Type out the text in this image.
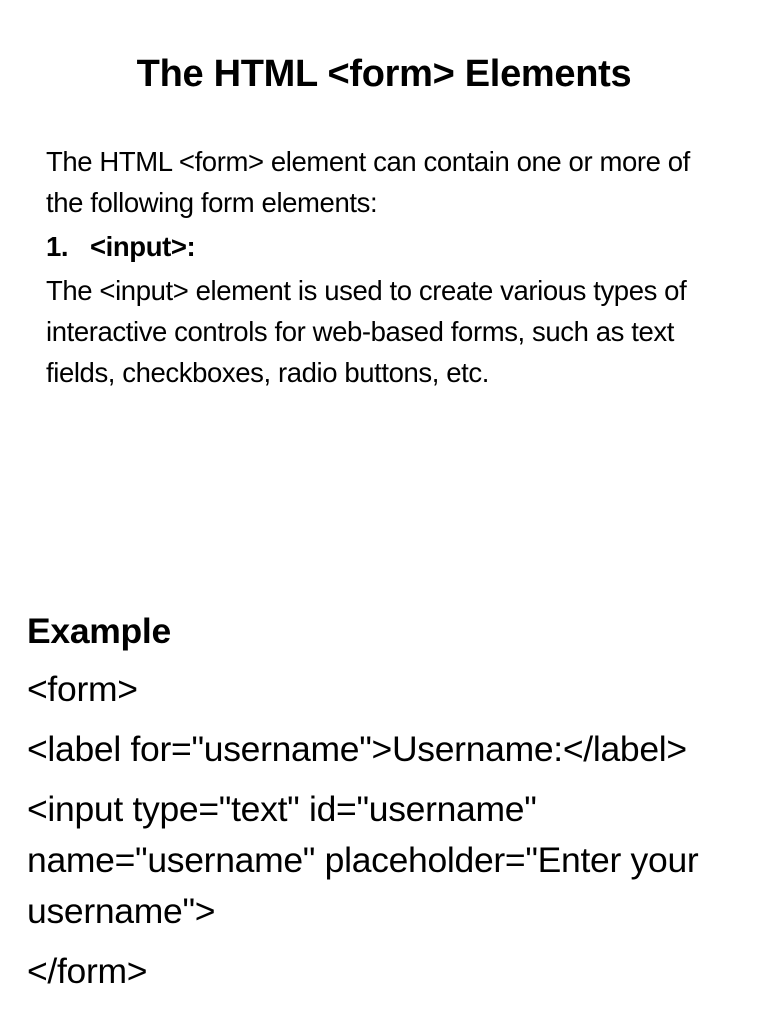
The HTML <form> Elements

The HTML <form> element can contain one or more of the following form elements:

1. <input>:

The <input> element is used to create various types of interactive controls for web-based forms, such as text fields, checkboxes, radio buttons, etc.

Example

<form>

<label for="username">Username:</label>

<input type="text" id="username" name="username" placeholder="Enter your username">

</form>
